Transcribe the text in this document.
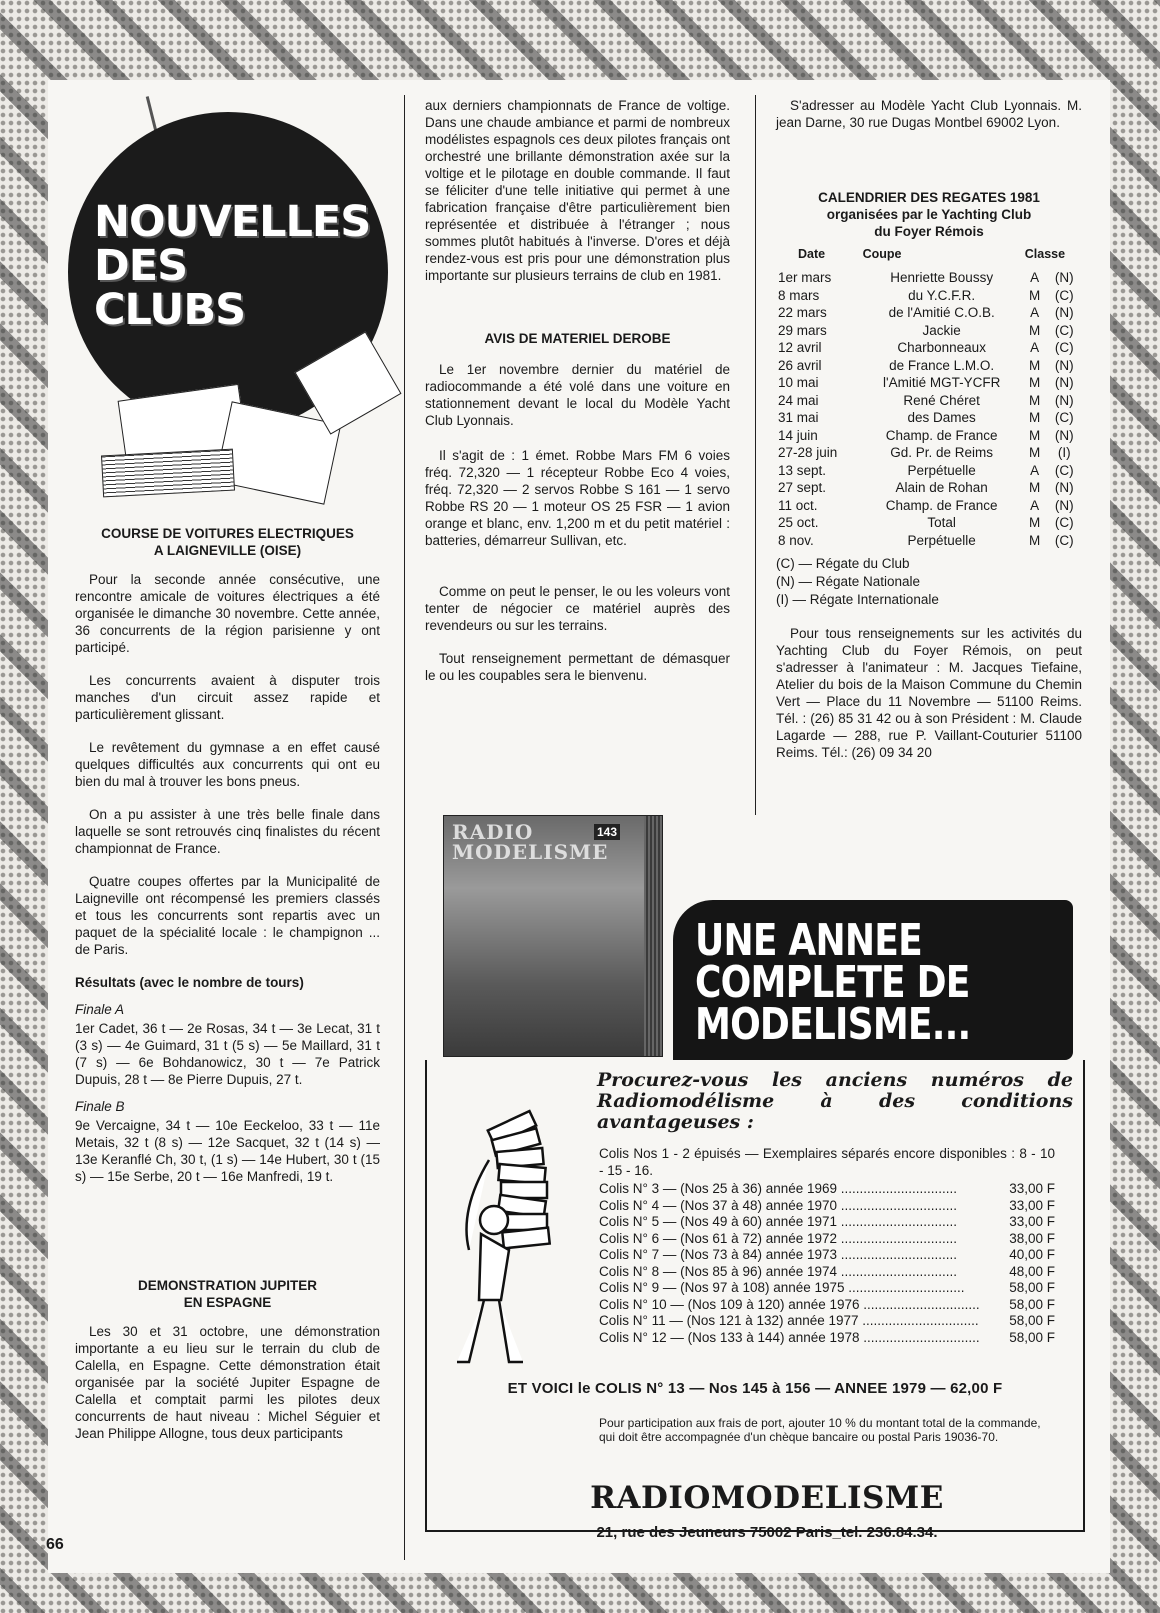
NOUVELLES
DES
CLUBS
COURSE DE VOITURES ELECTRIQUES
A LAIGNEVILLE (OISE)

Pour la seconde année consécutive, une rencontre amicale de voitures électriques a été organisée le dimanche 30 novembre. Cette année, 36 concurrents de la région parisienne y ont participé.

Les concurrents avaient à disputer trois manches d'un circuit assez rapide et particulièrement glissant.

Le revêtement du gymnase a en effet causé quelques difficultés aux concurrents qui ont eu bien du mal à trouver les bons pneus.

On a pu assister à une très belle finale dans laquelle se sont retrouvés cinq finalistes du récent championnat de France.

Quatre coupes offertes par la Municipalité de Laigneville ont récompensé les premiers classés et tous les concurrents sont repartis avec un paquet de la spécialité locale : le champignon ... de Paris.

Résultats (avec le nombre de tours)
Finale A

1er Cadet, 36 t — 2e Rosas, 34 t — 3e Lecat, 31 t (3 s) — 4e Guimard, 31 t (5 s) — 5e Maillard, 31 t (7 s) — 6e Bohdanowicz, 30 t — 7e Patrick Dupuis, 28 t — 8e Pierre Dupuis, 27 t.

Finale B

9e Vercaigne, 34 t — 10e Eeckeloo, 33 t — 11e Metais, 32 t (8 s) — 12e Sacquet, 32 t (14 s) — 13e Keranflé Ch, 30 t, (1 s) — 14e Hubert, 30 t (15 s) — 15e Serbe, 20 t — 16e Manfredi, 19 t.

DEMONSTRATION JUPITER
EN ESPAGNE

Les 30 et 31 octobre, une démonstration importante a eu lieu sur le terrain du club de Calella, en Espagne. Cette démonstration était organisée par la société Jupiter Espagne de Calella et comptait parmi les pilotes deux concurrents de haut niveau : Michel Séguier et Jean Philippe Allogne, tous deux participants

aux derniers championnats de France de voltige. Dans une chaude ambiance et parmi de nombreux modélistes espagnols ces deux pilotes français ont orchestré une brillante démonstration axée sur la voltige et le pilotage en double commande. Il faut se féliciter d'une telle initiative qui permet à une fabrication française d'être particulièrement bien représentée et distribuée à l'étranger ; nous sommes plutôt habitués à l'inverse. D'ores et déjà rendez-vous est pris pour une démonstration plus importante sur plusieurs terrains de club en 1981.

AVIS DE MATERIEL DEROBE

Le 1er novembre dernier du matériel de radiocommande a été volé dans une voiture en stationnement devant le local du Modèle Yacht Club Lyonnais.

Il s'agit de : 1 émet. Robbe Mars FM 6 voies fréq. 72,320 — 1 récepteur Robbe Eco 4 voies, fréq. 72,320 — 2 servos Robbe S 161 — 1 servo Robbe RS 20 — 1 moteur OS 25 FSR — 1 avion orange et blanc, env. 1,200 m et du petit matériel : batteries, démarreur Sullivan, etc.

Comme on peut le penser, le ou les voleurs vont tenter de négocier ce matériel auprès des revendeurs ou sur les terrains.

Tout renseignement permettant de démasquer le ou les coupables sera le bienvenu.

S'adresser au Modèle Yacht Club Lyonnais. M. jean Darne, 30 rue Dugas Montbel 69002 Lyon.

CALENDRIER DES REGATES 1981
organisées par le Yachting Club
du Foyer Rémois
Date	Coupe	Classe	
1er mars	Henriette Boussy	A	(N)
8 mars	du Y.C.F.R.	M	(C)
22 mars	de l'Amitié C.O.B.	A	(N)
29 mars	Jackie	M	(C)
12 avril	Charbonneaux	A	(C)
26 avril	de France L.M.O.	M	(N)
10 mai	l'Amitié MGT-YCFR	M	(N)
24 mai	René Chéret	M	(N)
31 mai	des Dames	M	(C)
14 juin	Champ. de France	M	(N)
27-28 juin	Gd. Pr. de Reims	M	(I)
13 sept.	Perpétuelle	A	(C)
27 sept.	Alain de Rohan	M	(N)
11 oct.	Champ. de France	A	(N)
25 oct.	Total	M	(C)
8 nov.	Perpétuelle	M	(C)
(C) — Régate du Club
(N) — Régate Nationale
(I) — Régate Internationale

Pour tous renseignements sur les activités du Yachting Club du Foyer Rémois, on peut s'adresser à l'animateur : M. Jacques Tiefaine, Atelier du bois de la Maison Commune du Chemin Vert — Place du 11 Novembre — 51100 Reims. Tél. : (26) 85 31 42 ou à son Président : M. Claude Lagarde — 288, rue P. Vaillant-Couturier 51100 Reims. Tél.: (26) 09 34 20

RADIO MODELISME
143
UNE ANNEE
COMPLETE DE
MODELISME...
Procurez-vous les anciens numéros de Radiomodélisme à des conditions avantageuses :
Colis Nos 1 - 2 épuisés — Exemplaires séparés encore disponibles : 8 - 10 - 15 - 16.
Colis N° 3 — (Nos 25 à 36) année 1969 ...............................	33,00 F
Colis N° 4 — (Nos 37 à 48) année 1970 ...............................	33,00 F
Colis N° 5 — (Nos 49 à 60) année 1971 ...............................	33,00 F
Colis N° 6 — (Nos 61 à 72) année 1972 ...............................	38,00 F
Colis N° 7 — (Nos 73 à 84) année 1973 ...............................	40,00 F
Colis N° 8 — (Nos 85 à 96) année 1974 ...............................	48,00 F
Colis N° 9 — (Nos 97 à 108) année 1975 ...............................	58,00 F
Colis N° 10 — (Nos 109 à 120) année 1976 ...............................	58,00 F
Colis N° 11 — (Nos 121 à 132) année 1977 ...............................	58,00 F
Colis N° 12 — (Nos 133 à 144) année 1978 ...............................	58,00 F
ET VOICI le COLIS N° 13 — Nos 145 à 156 — ANNEE 1979 — 62,00 F
Pour participation aux frais de port, ajouter 10 % du montant total de la commande, qui doit être accompagnée d'un chèque bancaire ou postal Paris 19036-70.
RADIOMODELISME
21, rue des Jeuneurs 75002 Paris_tel. 236.84.34.
66
